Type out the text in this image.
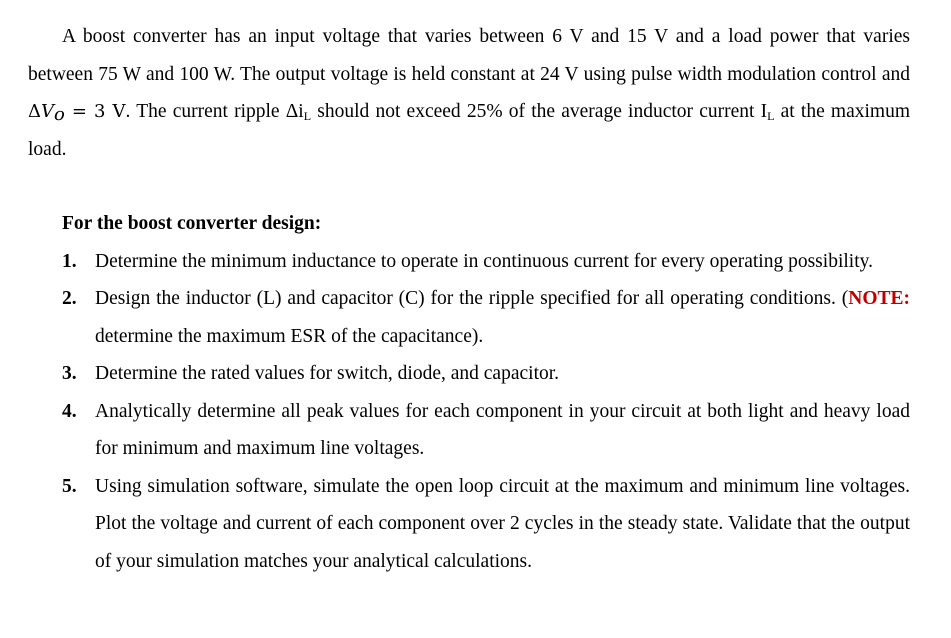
A boost converter has an input voltage that varies between 6 V and 15 V and a load power that varies between 75 W and 100 W. The output voltage is held constant at 24 V using pulse width modulation control and $\Delta V_o = 3$ V. The current ripple $\Delta i_L$ should not exceed 25% of the average inductor current $I_L$ at the maximum load.

For the boost converter design:

1. Determine the minimum inductance to operate in continuous current for every operating possibility.
2. Design the inductor (L) and capacitor (C) for the ripple specified for all operating conditions. (NOTE: determine the maximum ESR of the capacitance).
3. Determine the rated values for switch, diode, and capacitor.
4. Analytically determine all peak values for each component in your circuit at both light and heavy load for minimum and maximum line voltages.
5. Using simulation software, simulate the open loop circuit at the maximum and minimum line voltages. Plot the voltage and current of each component over 2 cycles in the steady state. Validate that the output of your simulation matches your analytical calculations.
